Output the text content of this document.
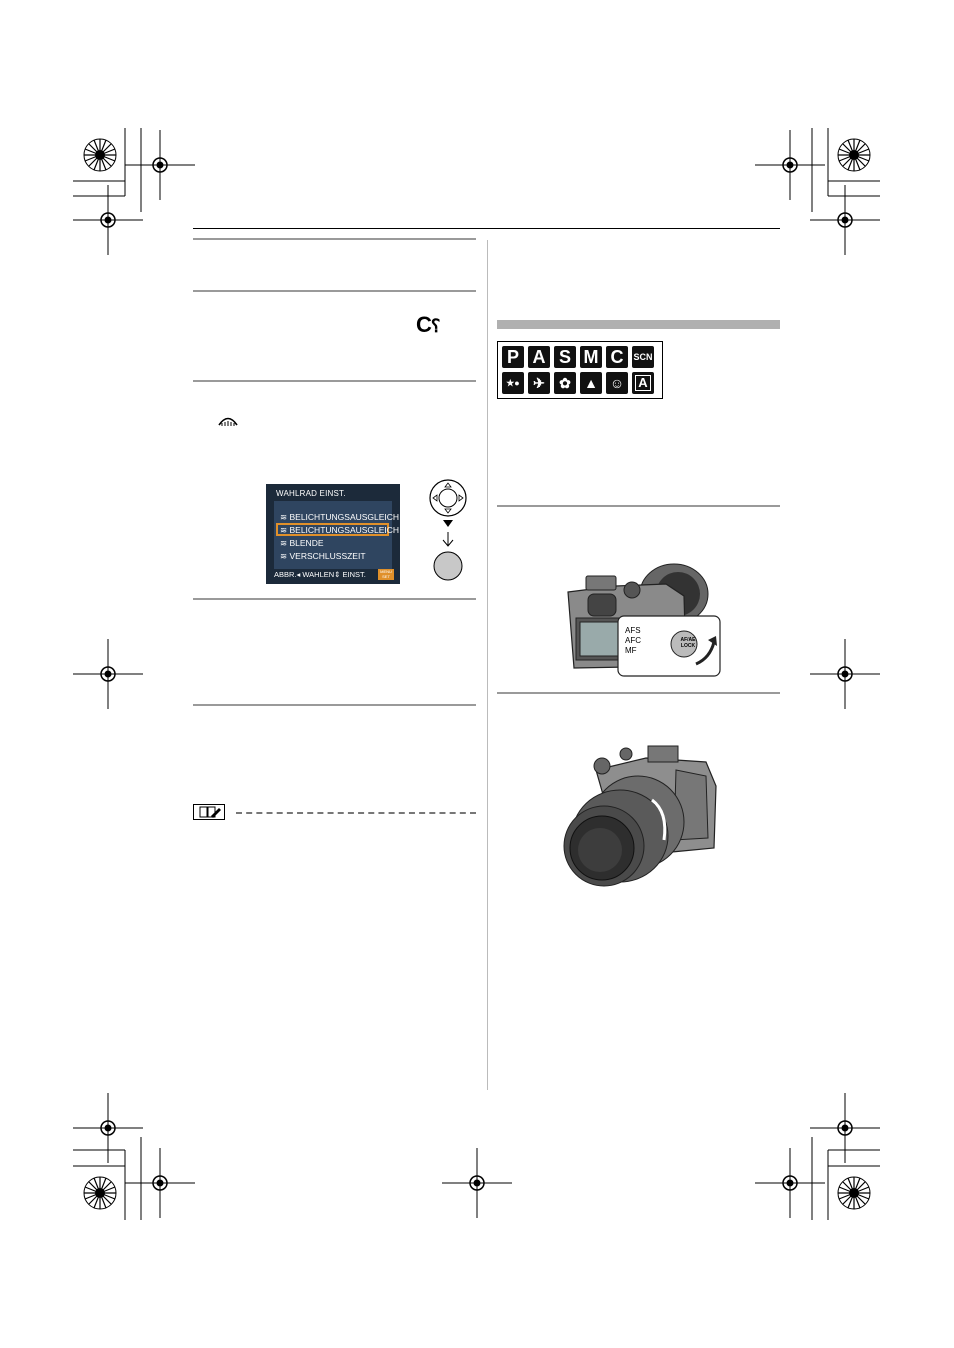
C⸮
WAHLRAD EINST.
≋ BELICHTUNGSAUSGLEICH
≋ BELICHTUNGSAUSGLEICH
≋ BLENDE
≋ VERSCHLUSSZEIT
ABBR.◂ WAHLEN⇕ EINST.	MENU SET
P A S M C	SCN
★● ✈	✿ ▲ ☺	A
AFS
AFC
MF
AF/AE LOCK
